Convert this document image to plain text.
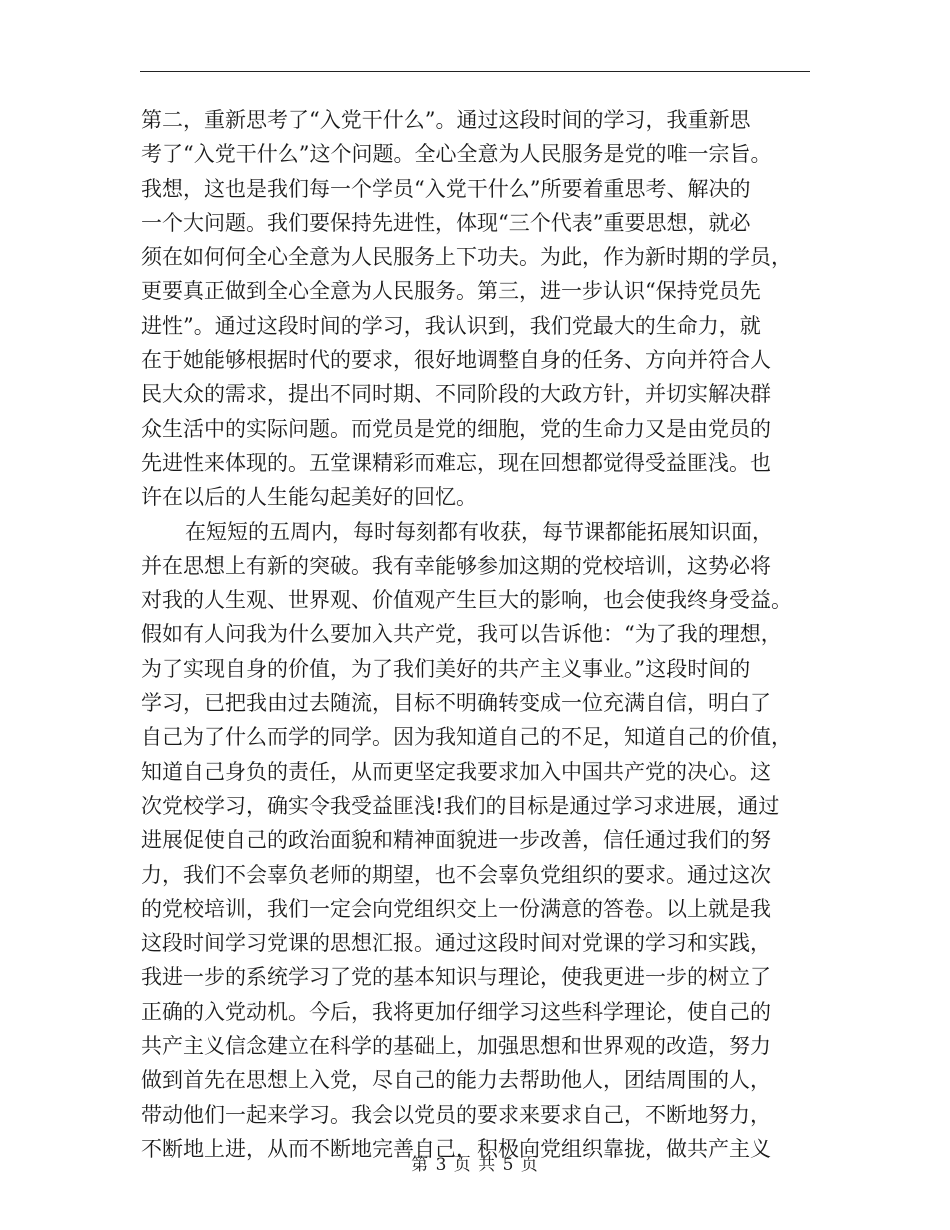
第二，重新思考了“入党干什么”。通过这段时间的学习，我重新思
考了“入党干什么”这个问题。全心全意为人民服务是党的唯一宗旨。
我想，这也是我们每一个学员“入党干什么”所要着重思考、解决的
一个大问题。我们要保持先进性，体现“三个代表”重要思想，就必
须在如何何全心全意为人民服务上下功夫。为此，作为新时期的学员，
更要真正做到全心全意为人民服务。第三，进一步认识“保持党员先
进性”。通过这段时间的学习，我认识到，我们党最大的生命力，就
在于她能够根据时代的要求，很好地调整自身的任务、方向并符合人
民大众的需求，提出不同时期、不同阶段的大政方针，并切实解决群
众生活中的实际问题。而党员是党的细胞，党的生命力又是由党员的
先进性来体现的。五堂课精彩而难忘，现在回想都觉得受益匪浅。也
许在以后的人生能勾起美好的回忆。
在短短的五周内，每时每刻都有收获，每节课都能拓展知识面，
并在思想上有新的突破。我有幸能够参加这期的党校培训，这势必将
对我的人生观、世界观、价值观产生巨大的影响，也会使我终身受益。
假如有人问我为什么要加入共产党，我可以告诉他：“为了我的理想，
为了实现自身的价值，为了我们美好的共产主义事业。”这段时间的
学习，已把我由过去随流，目标不明确转变成一位充满自信，明白了
自己为了什么而学的同学。因为我知道自己的不足，知道自己的价值，
知道自己身负的责任，从而更坚定我要求加入中国共产党的决心。这
次党校学习，确实令我受益匪浅!我们的目标是通过学习求进展，通过
进展促使自己的政治面貌和精神面貌进一步改善，信任通过我们的努
力，我们不会辜负老师的期望，也不会辜负党组织的要求。通过这次
的党校培训，我们一定会向党组织交上一份满意的答卷。以上就是我
这段时间学习党课的思想汇报。通过这段时间对党课的学习和实践，
我进一步的系统学习了党的基本知识与理论，使我更进一步的树立了
正确的入党动机。今后，我将更加仔细学习这些科学理论，使自己的
共产主义信念建立在科学的基础上，加强思想和世界观的改造，努力
做到首先在思想上入党，尽自己的能力去帮助他人，团结周围的人，
带动他们一起来学习。我会以党员的要求来要求自己，不断地努力，
不断地上进，从而不断地完善自己，积极向党组织靠拢，做共产主义
第 3 页 共 5 页
